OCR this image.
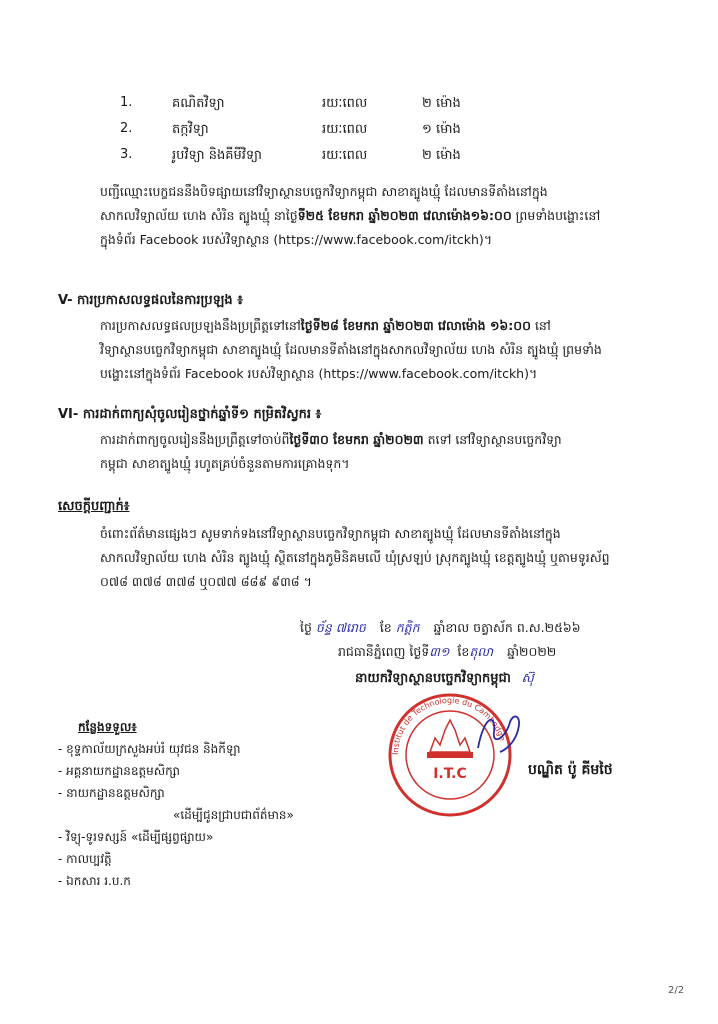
1.	គណិតវិទ្យា	រយៈពេល	២ ម៉ោង
2.	តក្កវិទ្យា	រយៈពេល	១ ម៉ោង
3.	រូបវិទ្យា និងគីមីវិទ្យា	រយៈពេល	២ ម៉ោង
បញ្ជីឈ្មោះបេក្ខជននឹងបិទផ្សាយនៅវិទ្យាស្ថានបច្ចេកវិទ្យាកម្ពុជា សាខាត្បូងឃ្មុំ ដែលមានទីតាំងនៅក្នុង
សាកលវិទ្យាល័យ ហេង សំរិន ត្បូងឃ្មុំ នាថ្ងៃទី២៥ ខែមករា ឆ្នាំ២០២៣ វេលាម៉ោង១៦:០០ ព្រមទាំងបង្ហោះនៅ
ក្នុងទំព័រ Facebook របស់វិទ្យាស្ថាន (https://www.facebook.com/itckh)។
V- ការប្រកាសលទ្ធផលនៃការប្រឡង ៖
ការប្រកាសលទ្ធផលប្រឡងនឹងប្រព្រឹត្តទៅនៅថ្ងៃទី២៨ ខែមករា ឆ្នាំ២០២៣ វេលាម៉ោង ១៦:០០ នៅ
វិទ្យាស្ថានបច្ចេកវិទ្យាកម្ពុជា សាខាត្បូងឃ្មុំ ដែលមានទីតាំងនៅក្នុងសាកលវិទ្យាល័យ ហេង សំរិន ត្បូងឃ្មុំ ព្រមទាំង
បង្ហោះនៅក្នុងទំព័រ Facebook របស់វិទ្យាស្ថាន (https://www.facebook.com/itckh)។
VI- ការដាក់ពាក្យសុំចូលរៀនថ្នាក់ឆ្នាំទី១ កម្រិតវិស្វករ ៖
ការដាក់ពាក្យចូលរៀននឹងប្រព្រឹត្តទៅចាប់ពីថ្ងៃទី៣០ ខែមករា ឆ្នាំ២០២៣ តទៅ នៅវិទ្យាស្ថានបច្ចេកវិទ្យា
កម្ពុជា សាខាត្បូងឃ្មុំ រហូតគ្រប់ចំនួនតាមការគ្រោងទុក។
សេចក្តីបញ្ជាក់៖
ចំពោះព័ត៌មានផ្សេងៗ សូមទាក់ទងនៅវិទ្យាស្ថានបច្ចេកវិទ្យាកម្ពុជា សាខាត្បូងឃ្មុំ ដែលមានទីតាំងនៅក្នុង
សាកលវិទ្យាល័យ ហេង សំរិន ត្បូងឃ្មុំ ស្ថិតនៅក្នុងភូមិនិគមលើ ឃុំស្រឡប់ ស្រុកត្បូងឃ្មុំ ខេត្តត្បូងឃ្មុំ ឬតាមទូរស័ព្ទ
០៧៨ ៣៧៨ ៣៧៨ ឬ០៧៧ ៨៨៩ ៩៣៨ ។
ថ្ងៃ ច័ន្ទ ៧រោច ខែ កត្ដិក ឆ្នាំខាល ចត្វាស័ក ព.ស.២៥៦៦
រាជធានីភ្នំពេញ ថ្ងៃទី៣១ ខែតុលា ឆ្នាំ២០២២
នាយកវិទ្យាស្ថានបច្ចេកវិទ្យាកម្ពុជា ស៊ុ
Institut de Technologie du Cambodge
I.T.C	បណ្ឌិត ប៉ូ គីមថៃ
កន្លែងទទួល៖
- ខុទ្ទកាល័យក្រសួងអប់រំ យុវជន និងកីឡា
- អគ្គនាយកដ្ឋានឧត្តមសិក្សា
- នាយកដ្ឋានឧត្តមសិក្សា
«ដើម្បីជូនជ្រាបជាព័ត៌មាន»
- វិទ្យុ-ទូរទស្សន៍ «ដើម្បីផ្សព្វផ្សាយ»
- កាលប្បវត្តិ
- ឯកសារ រ.ប.ក
2/2
